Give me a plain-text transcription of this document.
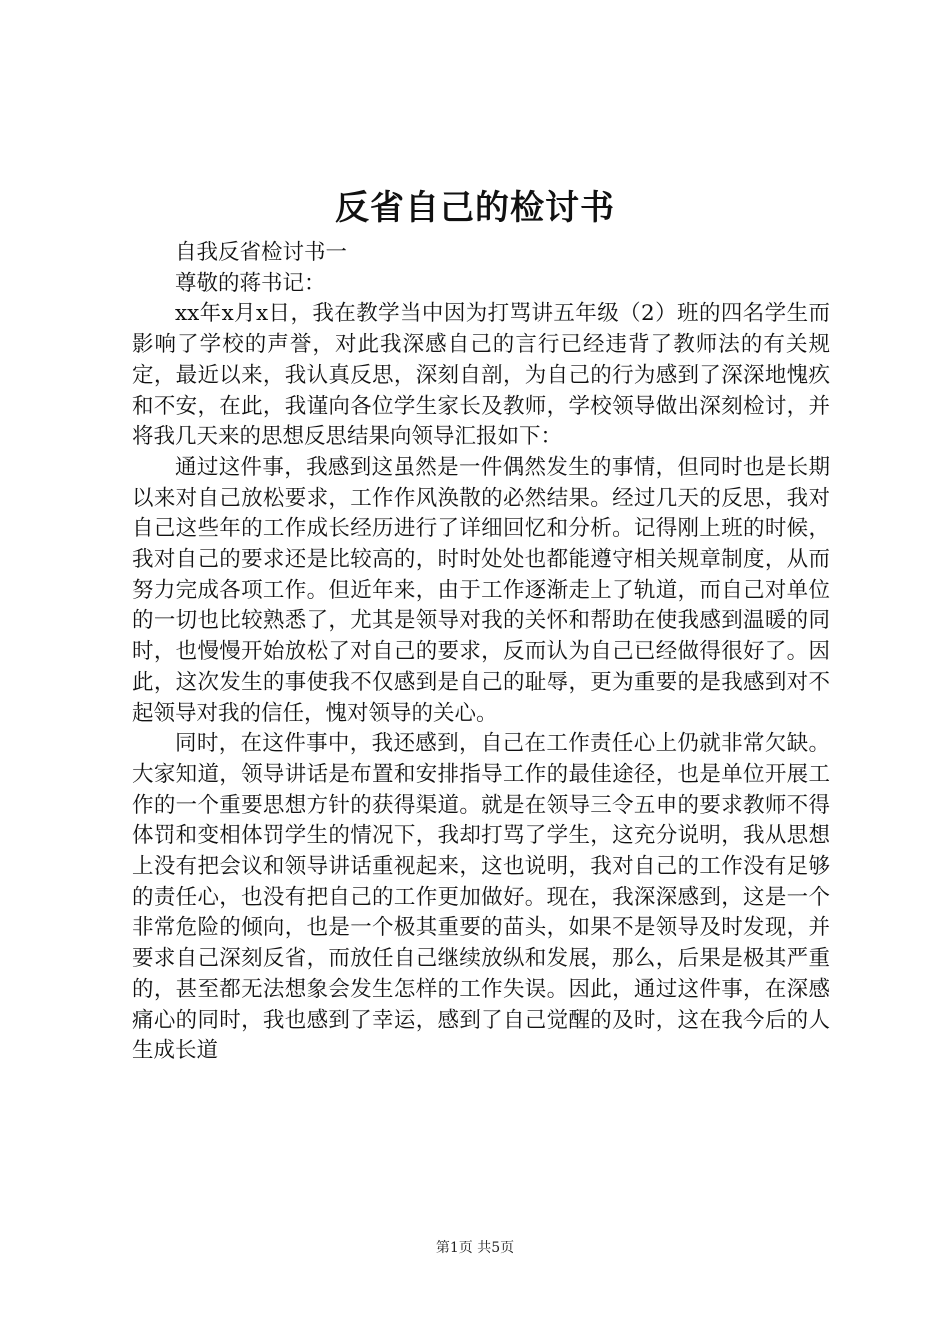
反省自己的检讨书

自我反省检讨书一

尊敬的蒋书记：

xx年x月x日，我在教学当中因为打骂讲五年级（2）班的四名学生而影响了学校的声誉，对此我深感自己的言行已经违背了教师法的有关规定，最近以来，我认真反思，深刻自剖，为自己的行为感到了深深地愧疚和不安，在此，我谨向各位学生家长及教师，学校领导做出深刻检讨，并将我几天来的思想反思结果向领导汇报如下：

通过这件事，我感到这虽然是一件偶然发生的事情，但同时也是长期以来对自己放松要求，工作作风涣散的必然结果。经过几天的反思，我对自己这些年的工作成长经历进行了详细回忆和分析。记得刚上班的时候，我对自己的要求还是比较高的，时时处处也都能遵守相关规章制度，从而努力完成各项工作。但近年来，由于工作逐渐走上了轨道，而自己对单位的一切也比较熟悉了，尤其是领导对我的关怀和帮助在使我感到温暖的同时，也慢慢开始放松了对自己的要求，反而认为自己已经做得很好了。因此，这次发生的事使我不仅感到是自己的耻辱，更为重要的是我感到对不起领导对我的信任，愧对领导的关心。

同时，在这件事中，我还感到，自己在工作责任心上仍就非常欠缺。大家知道，领导讲话是布置和安排指导工作的最佳途径，也是单位开展工作的一个重要思想方针的获得渠道。就是在领导三令五申的要求教师不得体罚和变相体罚学生的情况下，我却打骂了学生，这充分说明，我从思想上没有把会议和领导讲话重视起来，这也说明，我对自己的工作没有足够的责任心，也没有把自己的工作更加做好。现在，我深深感到，这是一个非常危险的倾向，也是一个极其重要的苗头，如果不是领导及时发现，并要求自己深刻反省，而放任自己继续放纵和发展，那么，后果是极其严重的，甚至都无法想象会发生怎样的工作失误。因此，通过这件事，在深感痛心的同时，我也感到了幸运，感到了自己觉醒的及时，这在我今后的人生成长道

第1页 共5页
